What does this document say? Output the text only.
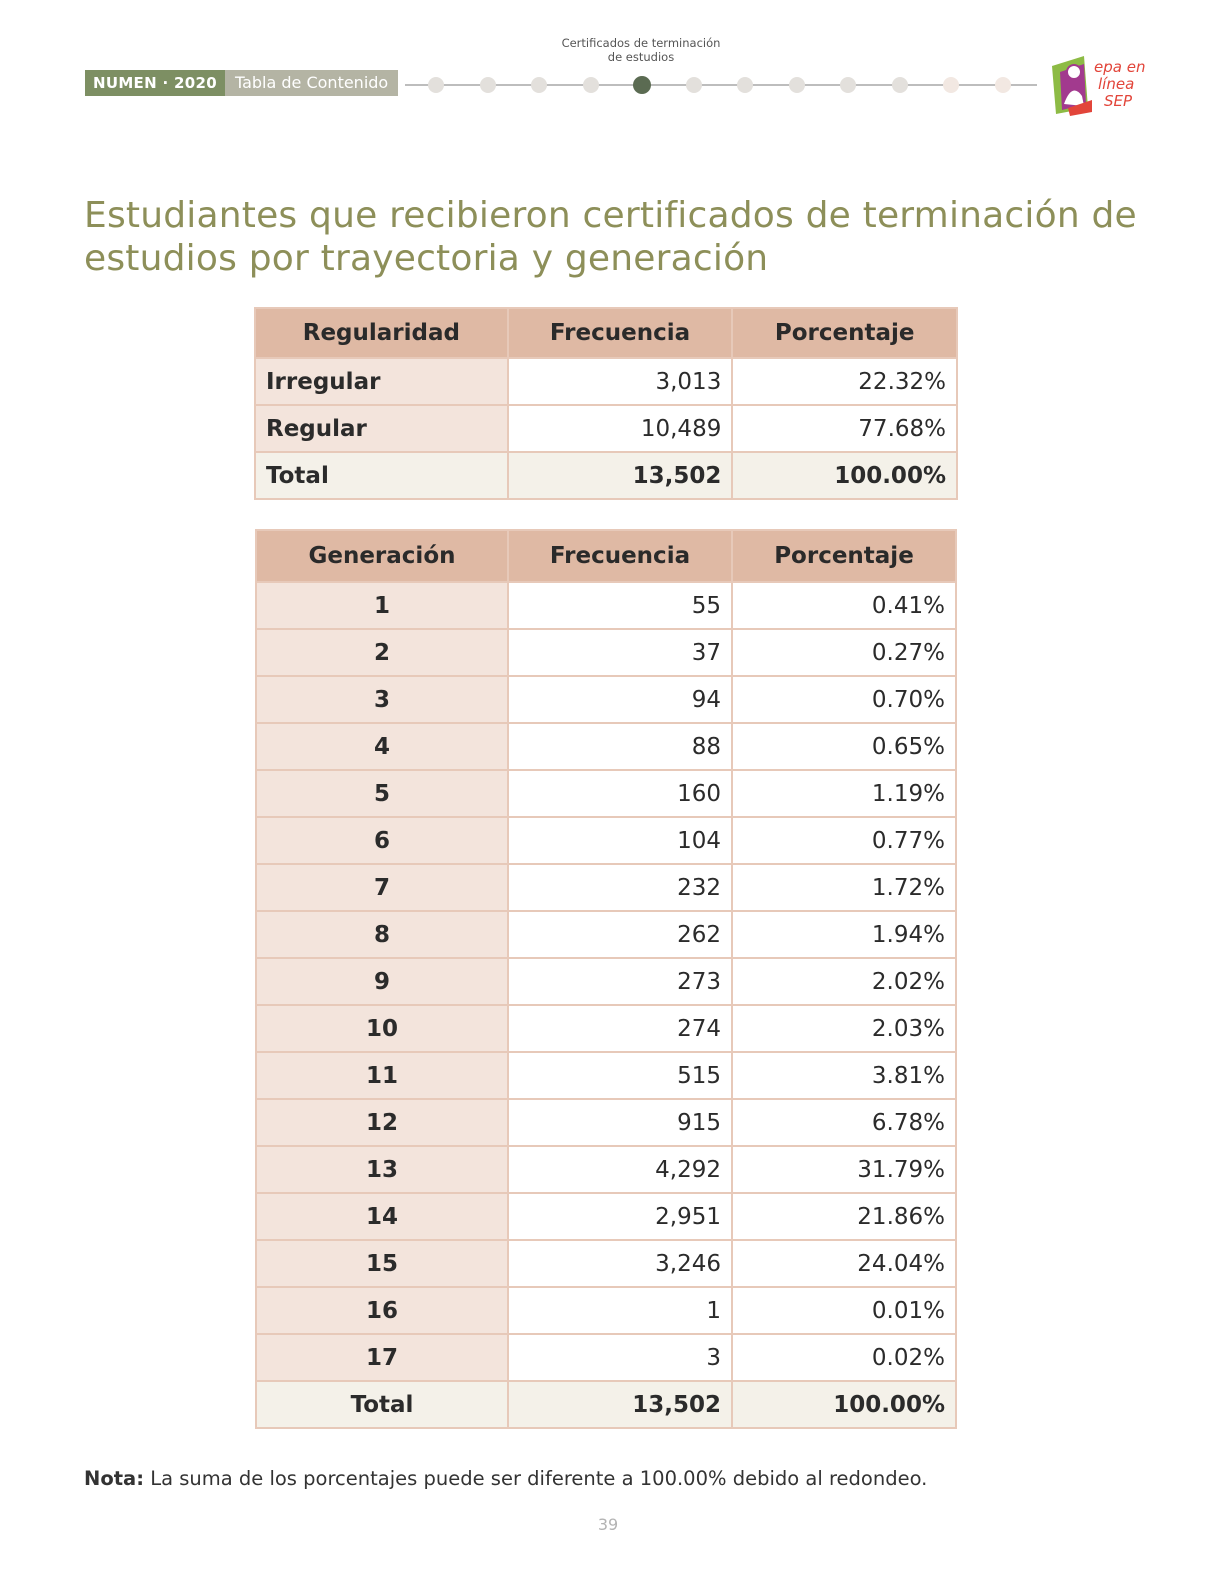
Certificados de terminación
de estudios
NUMEN · 2020	Tabla de Contenido
epa en
línea
SEP
Estudiantes que recibieron certificados de terminación de estudios por trayectoria y generación
Regularidad	Frecuencia	Porcentaje
Irregular	3,013	22.32%
Regular	10,489	77.68%
Total	13,502	100.00%
Generación	Frecuencia	Porcentaje
1	55	0.41%
2	37	0.27%
3	94	0.70%
4	88	0.65%
5	160	1.19%
6	104	0.77%
7	232	1.72%
8	262	1.94%
9	273	2.02%
10	274	2.03%
11	515	3.81%
12	915	6.78%
13	4,292	31.79%
14	2,951	21.86%
15	3,246	24.04%
16	1	0.01%
17	3	0.02%
Total	13,502	100.00%
Nota: La suma de los porcentajes puede ser diferente a 100.00% debido al redondeo.
39
